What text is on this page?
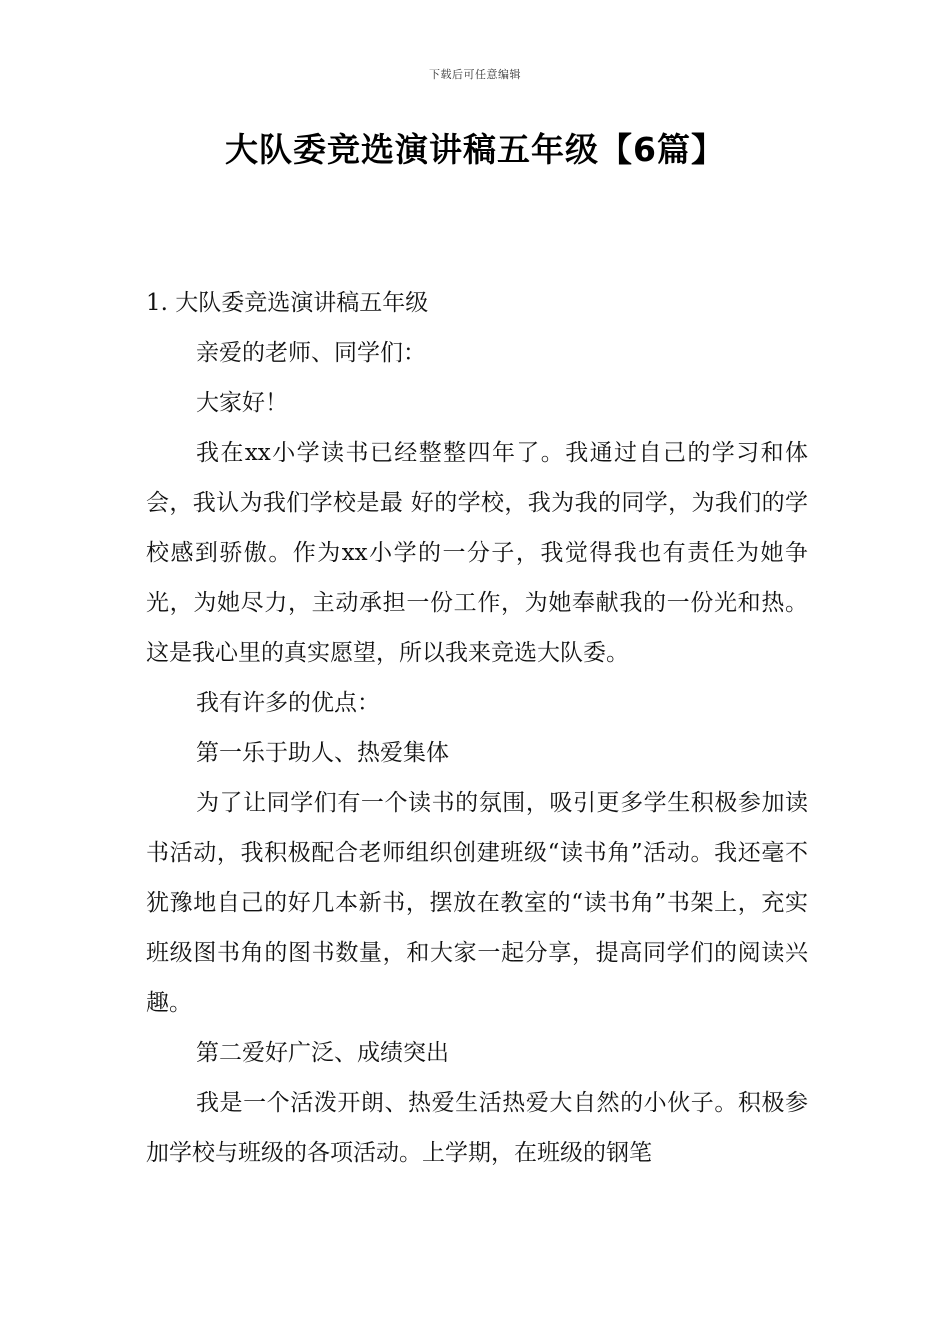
下载后可任意编辑
大队委竞选演讲稿五年级【6篇】

1. 大队委竞选演讲稿五年级

亲爱的老师、同学们：

大家好！

我在xx小学读书已经整整四年了。我通过自己的学习和体会，我认为我们学校是最 好的学校，我为我的同学，为我们的学校感到骄傲。作为xx小学的一分子，我觉得我也有责任为她争光，为她尽力，主动承担一份工作，为她奉献我的一份光和热。这是我心里的真实愿望，所以我来竞选大队委。

我有许多的优点：

第一乐于助人、热爱集体

为了让同学们有一个读书的氛围，吸引更多学生积极参加读书活动，我积极配合老师组织创建班级“读书角”活动。我还毫不犹豫地自己的好几本新书，摆放在教室的“读书角”书架上，充实班级图书角的图书数量，和大家一起分享，提高同学们的阅读兴趣。

第二爱好广泛、成绩突出

我是一个活泼开朗、热爱生活热爱大自然的小伙子。积极参加学校与班级的各项活动。上学期，在班级的钢笔
